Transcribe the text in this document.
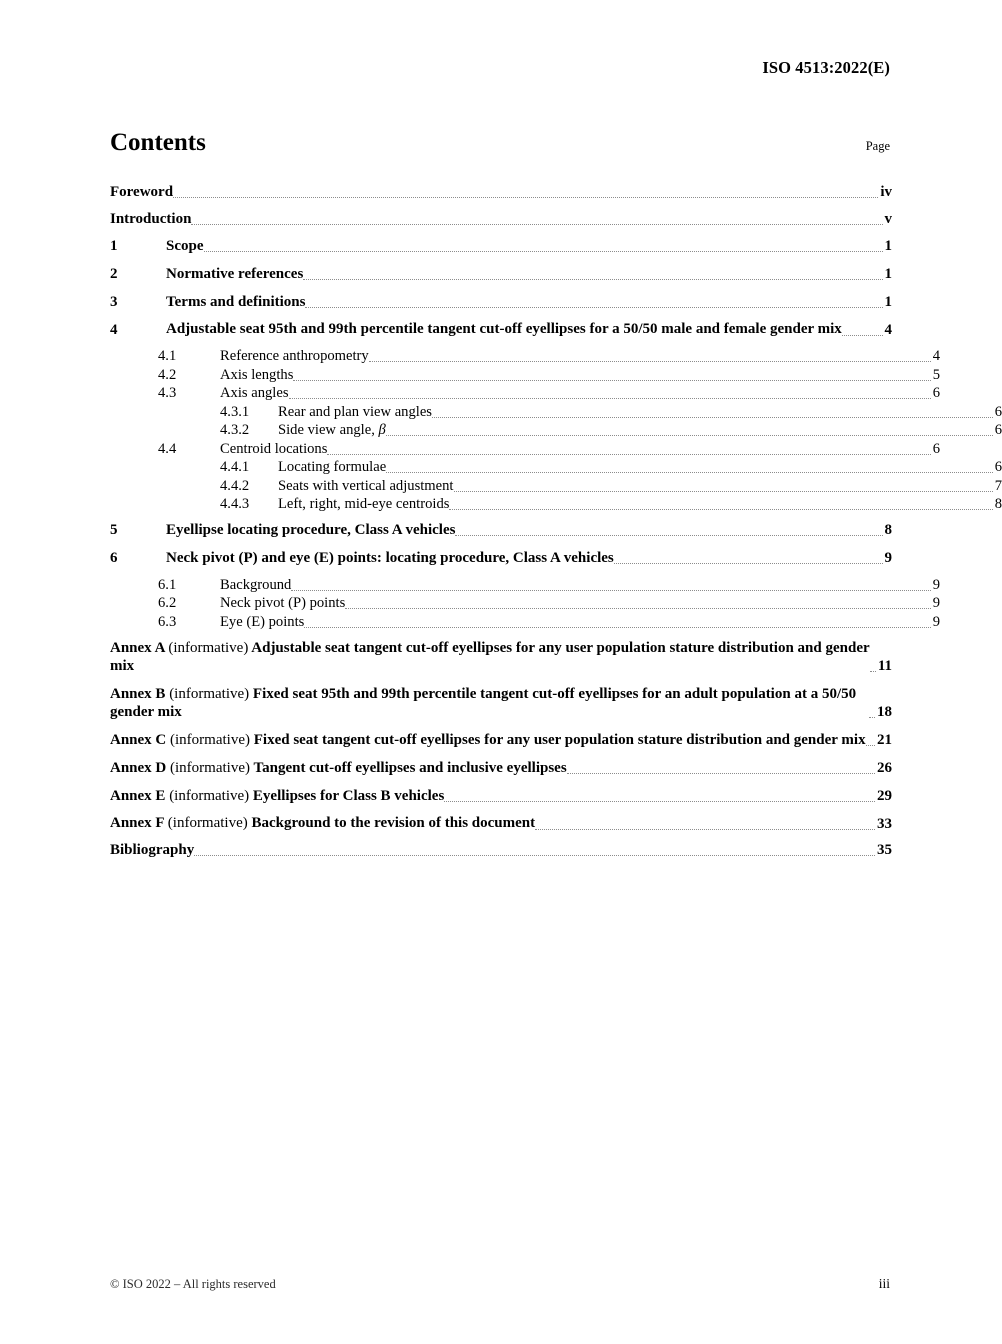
ISO 4513:2022(E)
Contents	Page
Foreword	iv
Introduction	v
1	Scope	1
2	Normative references	1
3	Terms and definitions	1
4	Adjustable seat 95th and 99th percentile tangent cut-off eyellipses for a 50/50 male and female gender mix	4
4.1	Reference anthropometry	4
4.2	Axis lengths	5
4.3	Axis angles	6
4.3.1	Rear and plan view angles	6
4.3.2	Side view angle, β	6
4.4	Centroid locations	6
4.4.1	Locating formulae	6
4.4.2	Seats with vertical adjustment	7
4.4.3	Left, right, mid-eye centroids	8
5	Eyellipse locating procedure, Class A vehicles	8
6	Neck pivot (P) and eye (E) points: locating procedure, Class A vehicles	9
6.1	Background	9
6.2	Neck pivot (P) points	9
6.3	Eye (E) points	9
Annex A (informative) Adjustable seat tangent cut-off eyellipses for any user population stature distribution and gender mix	11
Annex B (informative) Fixed seat 95th and 99th percentile tangent cut-off eyellipses for an adult population at a 50/50 gender mix	18
Annex C (informative) Fixed seat tangent cut-off eyellipses for any user population stature distribution and gender mix 21
Annex D (informative) Tangent cut-off eyellipses and inclusive eyellipses	26
Annex E (informative) Eyellipses for Class B vehicles	29
Annex F (informative) Background to the revision of this document	33
Bibliography	35
© ISO 2022 – All rights reserved	iii
